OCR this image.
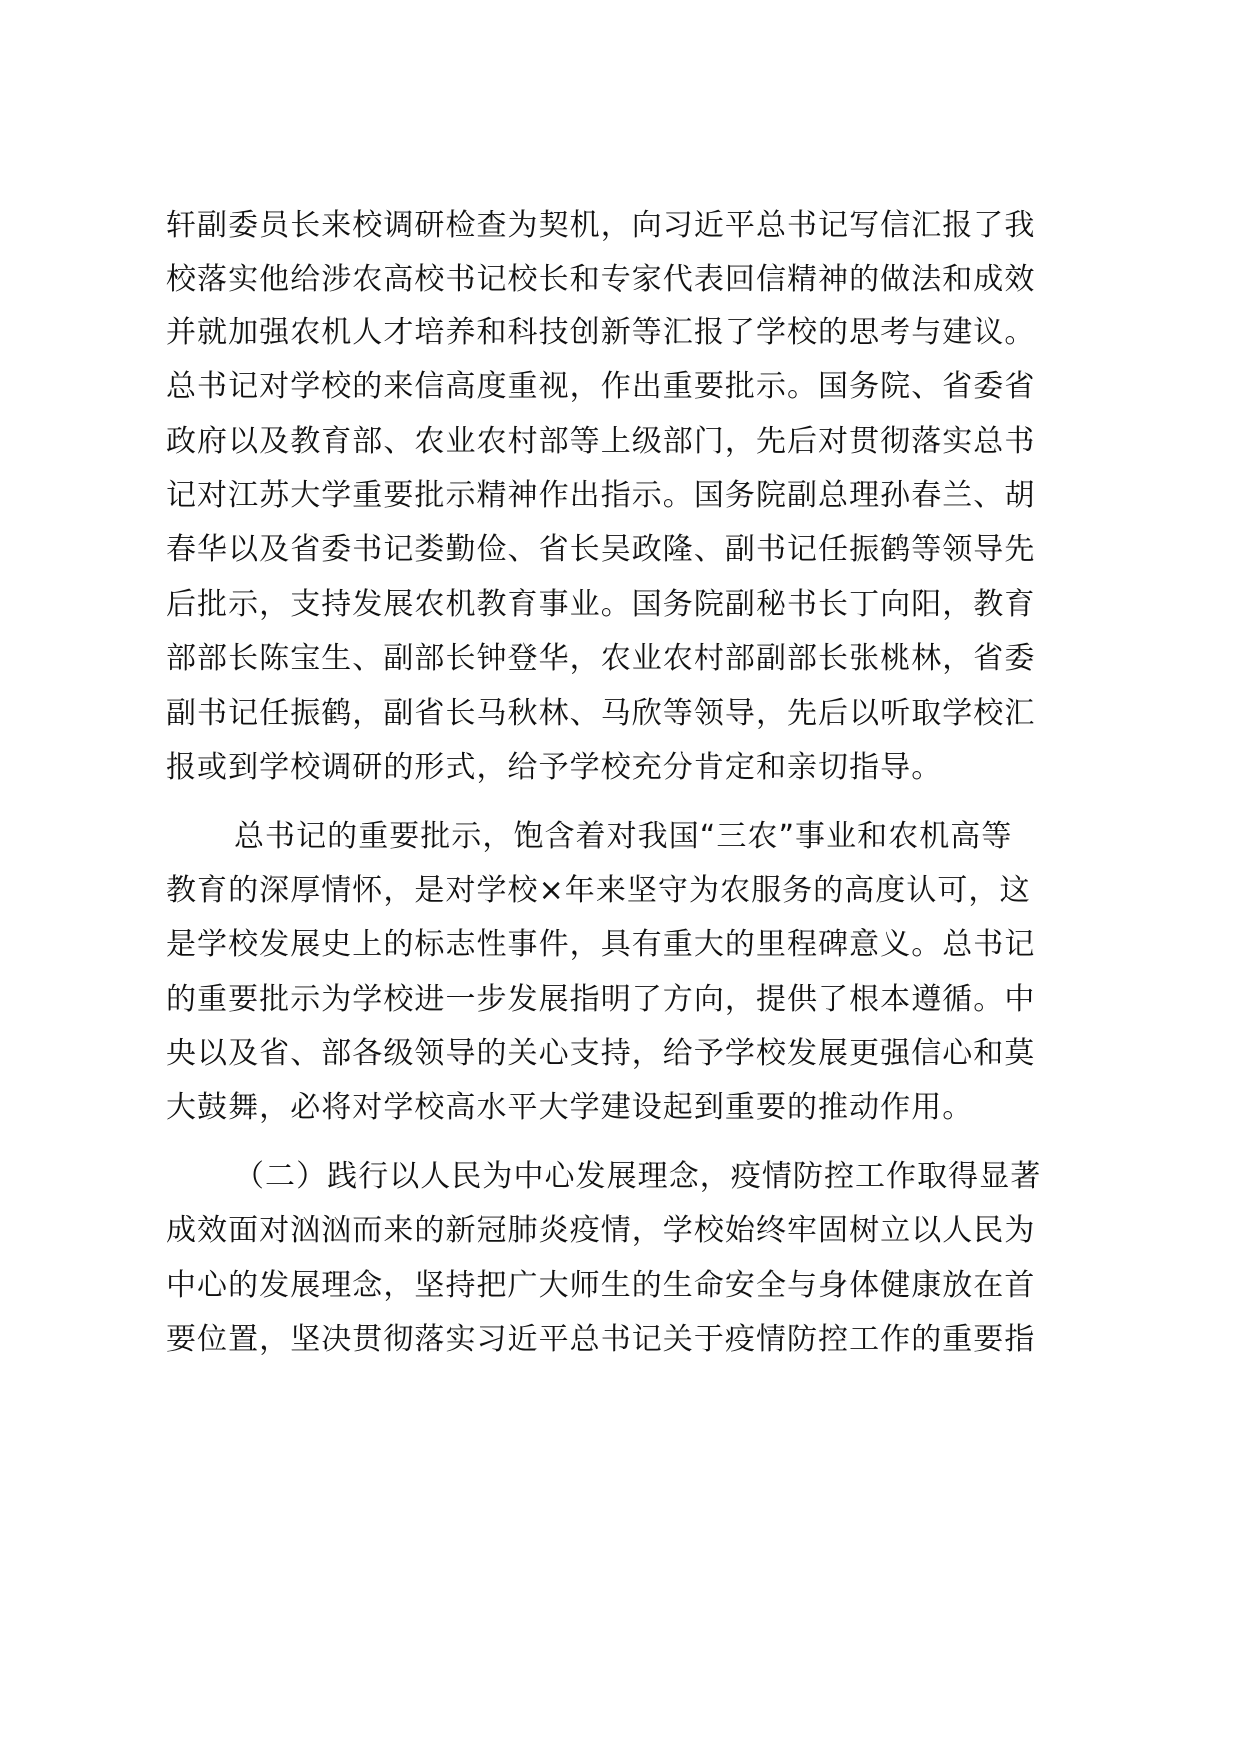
轩副委员长来校调研检查为契机，向习近平总书记写信汇报了我
校落实他给涉农高校书记校长和专家代表回信精神的做法和成效
并就加强农机人才培养和科技创新等汇报了学校的思考与建议。
总书记对学校的来信高度重视，作出重要批示。国务院、省委省
政府以及教育部、农业农村部等上级部门，先后对贯彻落实总书
记对江苏大学重要批示精神作出指示。国务院副总理孙春兰、胡
春华以及省委书记娄勤俭、省长吴政隆、副书记任振鹤等领导先
后批示，支持发展农机教育事业。国务院副秘书长丁向阳，教育
部部长陈宝生、副部长钟登华，农业农村部副部长张桃林，省委
副书记任振鹤，副省长马秋林、马欣等领导，先后以听取学校汇
报或到学校调研的形式，给予学校充分肯定和亲切指导。
总书记的重要批示，饱含着对我国“三农”事业和农机高等
教育的深厚情怀，是对学校×年来坚守为农服务的高度认可，这
是学校发展史上的标志性事件，具有重大的里程碑意义。总书记
的重要批示为学校进一步发展指明了方向，提供了根本遵循。中
央以及省、部各级领导的关心支持，给予学校发展更强信心和莫
大鼓舞，必将对学校高水平大学建设起到重要的推动作用。
（二）践行以人民为中心发展理念，疫情防控工作取得显著
成效面对汹汹而来的新冠肺炎疫情，学校始终牢固树立以人民为
中心的发展理念，坚持把广大师生的生命安全与身体健康放在首
要位置，坚决贯彻落实习近平总书记关于疫情防控工作的重要指
